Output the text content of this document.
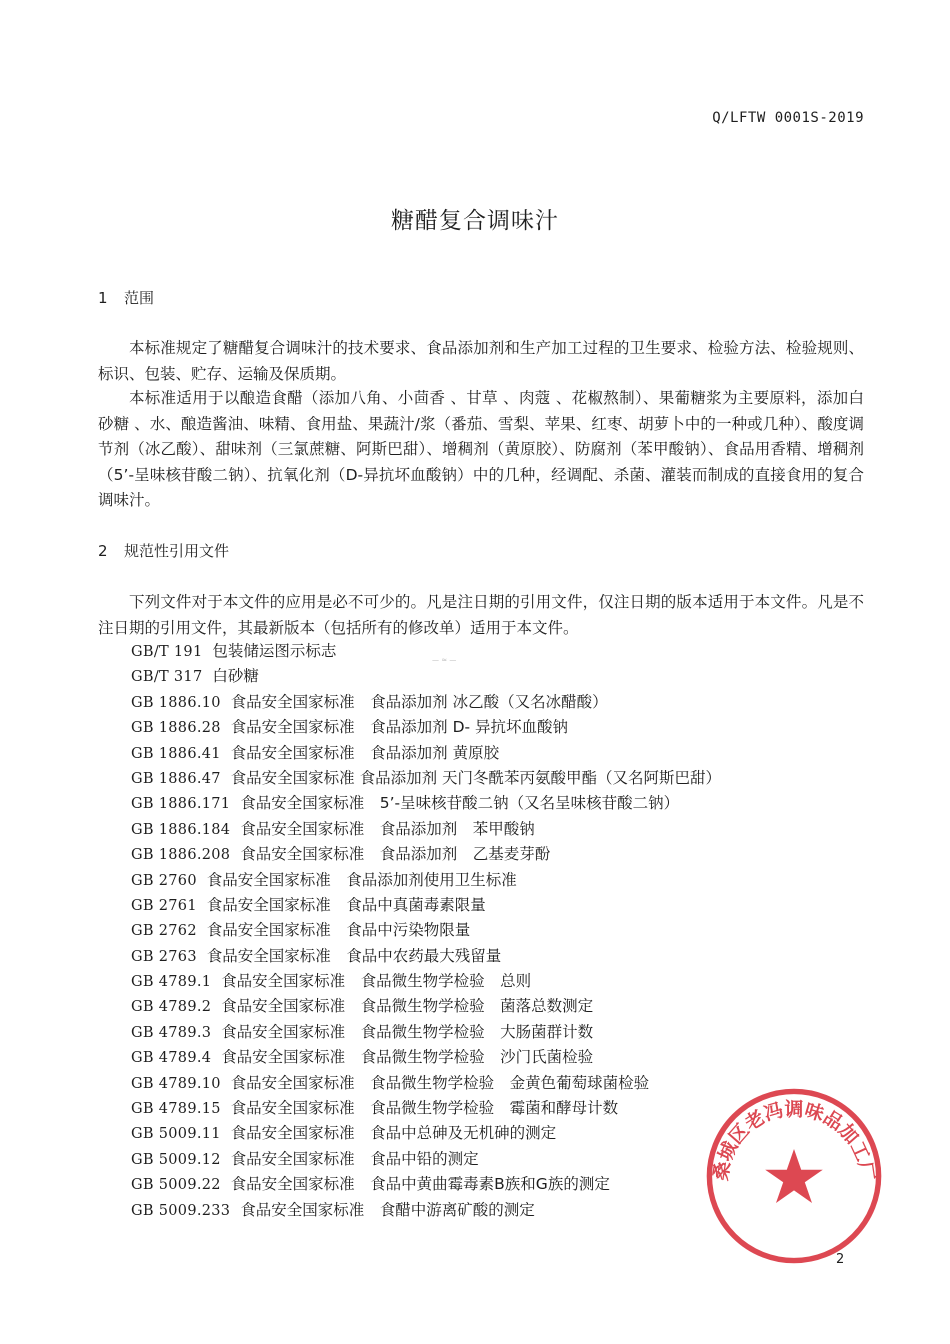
Q/LFTW 0001S-2019
糖醋复合调味汁
1 范围

本标准规定了糖醋复合调味汁的技术要求、食品添加剂和生产加工过程的卫生要求、检验方法、检验规则、标识、包装、贮存、运输及保质期。

本标准适用于以酿造食醋（添加八角、小茴香 、甘草 、肉蔻 、花椒熬制）、果葡糖浆为主要原料，添加白砂糖 、水、酿造酱油、味精、食用盐、果蔬汁/浆（番茄、雪梨、苹果、红枣、胡萝卜中的一种或几种）、酸度调节剂（冰乙酸）、甜味剂（三氯蔗糖、阿斯巴甜）、增稠剂（黄原胶）、防腐剂（苯甲酸钠）、食品用香精、增稠剂（5’-呈味核苷酸二钠）、抗氧化剂（D-异抗坏血酸钠）中的几种，经调配、杀菌、灌装而制成的直接食用的复合调味汁。

2 规范性引用文件

下列文件对于本文件的应用是必不可少的。凡是注日期的引用文件，仅注日期的版本适用于本文件。凡是不注日期的引用文件，其最新版本（包括所有的修改单）适用于本文件。

— ≈ —
GB/T 191 包装储运图示标志
GB/T 317 白砂糖
GB 1886.10 食品安全国家标准　食品添加剂 冰乙酸（又名冰醋酸）
GB 1886.28 食品安全国家标准　食品添加剂 D- 异抗坏血酸钠
GB 1886.41 食品安全国家标准　食品添加剂 黄原胶
GB 1886.47 食品安全国家标准 食品添加剂 天门冬酰苯丙氨酸甲酯（又名阿斯巴甜）
GB 1886.171 食品安全国家标准　5’-呈味核苷酸二钠（又名呈味核苷酸二钠）
GB 1886.184 食品安全国家标准　食品添加剂　苯甲酸钠
GB 1886.208 食品安全国家标准　食品添加剂　乙基麦芽酚
GB 2760 食品安全国家标准　食品添加剂使用卫生标准
GB 2761 食品安全国家标准　食品中真菌毒素限量
GB 2762 食品安全国家标准　食品中污染物限量
GB 2763 食品安全国家标准　食品中农药最大残留量
GB 4789.1 食品安全国家标准　食品微生物学检验　总则
GB 4789.2 食品安全国家标准　食品微生物学检验　菌落总数测定
GB 4789.3 食品安全国家标准　食品微生物学检验　大肠菌群计数
GB 4789.4 食品安全国家标准　食品微生物学检验　沙门氏菌检验
GB 4789.10 食品安全国家标准　食品微生物学检验　金黄色葡萄球菌检验
GB 4789.15 食品安全国家标准　食品微生物学检验　霉菌和酵母计数
GB 5009.11 食品安全国家标准　食品中总砷及无机砷的测定
GB 5009.12 食品安全国家标准　食品中铅的测定
GB 5009.22 食品安全国家标准　食品中黄曲霉毒素B族和G族的测定
GB 5009.233 食品安全国家标准　食醋中游离矿酸的测定
桑城区老冯调味品加工厂
2
